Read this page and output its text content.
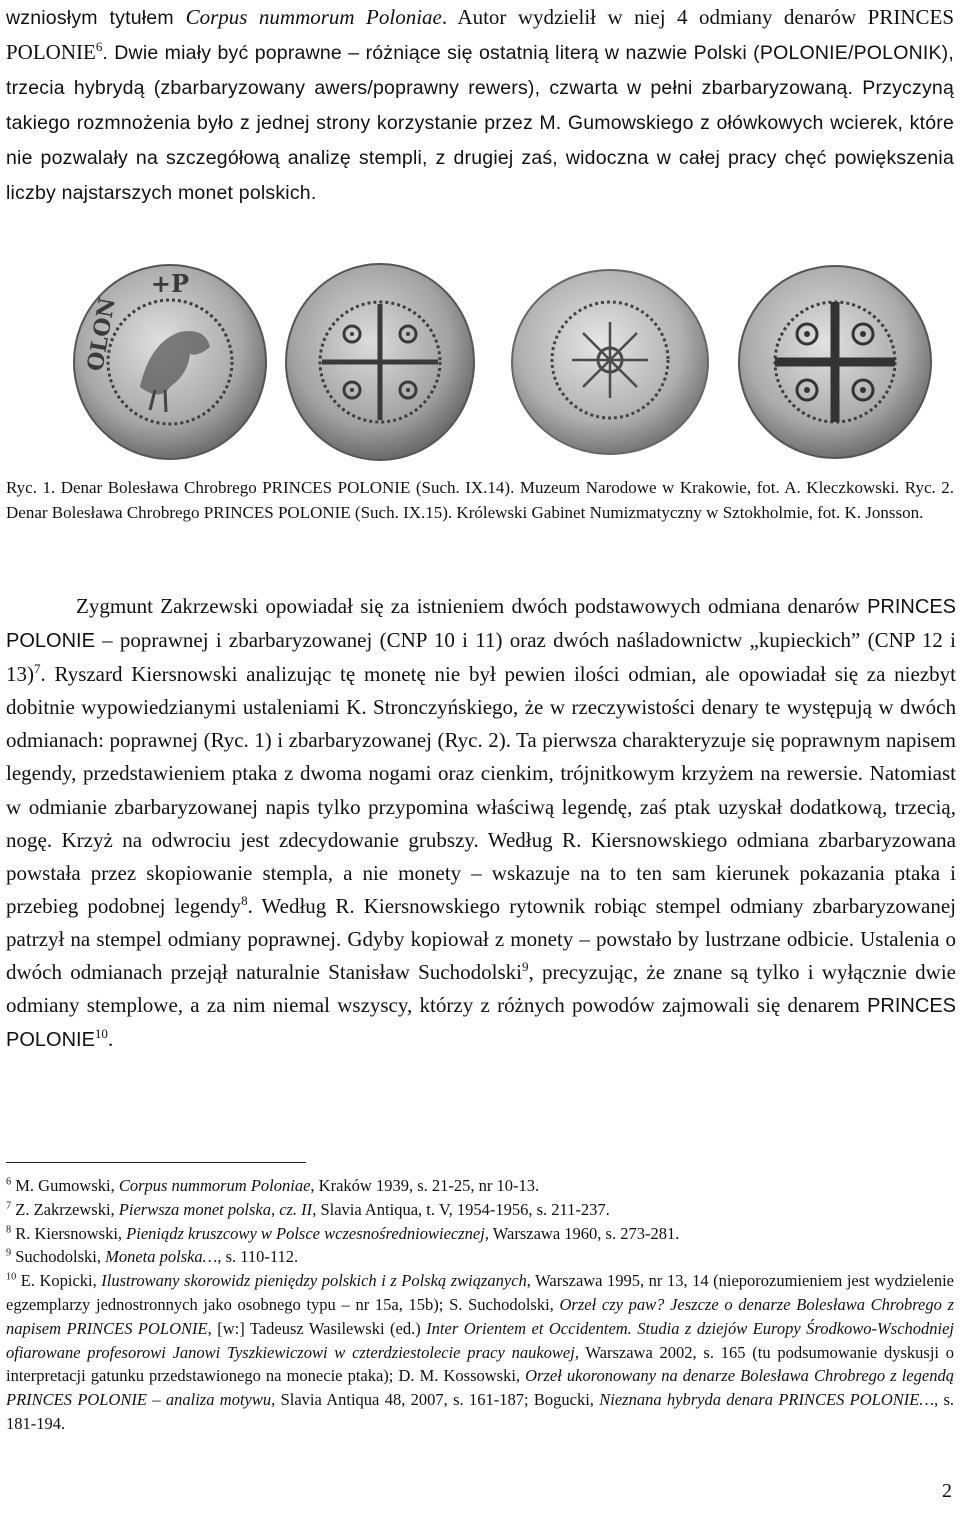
wzniosłym tytułem Corpus nummorum Poloniae. Autor wydzielił w niej 4 odmiany denarów PRINCES POLONIE$^6$. Dwie miały być poprawne – różniące się ostatnią literą w nazwie Polski (POLONIE/POLONIK), trzecia hybrydą (zbarbaryzowany awers/poprawny rewers), czwarta w pełni zbarbaryzowaną. Przyczyną takiego rozmnożenia było z jednej strony korzystanie przez M. Gumowskiego z ołówkowych wcierek, które nie pozwalały na szczegółową analizę stempli, z drugiej zaś, widoczna w całej pracy chęć powiększenia liczby najstarszych monet polskich.

+P
OLON

Ryc. 1. Denar Bolesława Chrobrego PRINCES POLONIE (Such. IX.14). Muzeum Narodowe w Krakowie, fot. A. Kleczkowski. Ryc. 2. Denar Bolesława Chrobrego PRINCES POLONIE (Such. IX.15). Królewski Gabinet Numizmatyczny w Sztokholmie, fot. K. Jonsson.

Zygmunt Zakrzewski opowiadał się za istnieniem dwóch podstawowych odmiana denarów PRINCES POLONIE – poprawnej i zbarbaryzowanej (CNP 10 i 11) oraz dwóch naśladownictw „kupieckich” (CNP 12 i 13)$^7$. Ryszard Kiersnowski analizując tę monetę nie był pewien ilości odmian, ale opowiadał się za niezbyt dobitnie wypowiedzianymi ustaleniami K. Stronczyńskiego, że w rzeczywistości denary te występują w dwóch odmianach: poprawnej (Ryc. 1) i zbarbaryzowanej (Ryc. 2). Ta pierwsza charakteryzuje się poprawnym napisem legendy, przedstawieniem ptaka z dwoma nogami oraz cienkim, trójnitkowym krzyżem na rewersie. Natomiast w odmianie zbarbaryzowanej napis tylko przypomina właściwą legendę, zaś ptak uzyskał dodatkową, trzecią, nogę. Krzyż na odwrociu jest zdecydowanie grubszy. Według R. Kiersnowskiego odmiana zbarbaryzowana powstała przez skopiowanie stempla, a nie monety – wskazuje na to ten sam kierunek pokazania ptaka i przebieg podobnej legendy$^8$. Według R. Kiersnowskiego rytownik robiąc stempel odmiany zbarbaryzowanej patrzył na stempel odmiany poprawnej. Gdyby kopiował z monety – powstało by lustrzane odbicie. Ustalenia o dwóch odmianach przejął naturalnie Stanisław Suchodolski$^9$, precyzując, że znane są tylko i wyłącznie dwie odmiany stemplowe, a za nim niemal wszyscy, którzy z różnych powodów zajmowali się denarem PRINCES POLONIE$^{10}$.

$^6$ M. Gumowski, Corpus nummorum Poloniae, Kraków 1939, s. 21-25, nr 10-13.

$^7$ Z. Zakrzewski, Pierwsza monet polska, cz. II, Slavia Antiqua, t. V, 1954-1956, s. 211-237.

$^8$ R. Kiersnowski, Pieniądz kruszcowy w Polsce wczesnośredniowiecznej, Warszawa 1960, s. 273-281.

$^9$ Suchodolski, Moneta polska…, s. 110-112.

$^{10}$ E. Kopicki, Ilustrowany skorowidz pieniędzy polskich i z Polską związanych, Warszawa 1995, nr 13, 14 (nieporozumieniem jest wydzielenie egzemplarzy jednostronnych jako osobnego typu – nr 15a, 15b); S. Suchodolski, Orzeł czy paw? Jeszcze o denarze Bolesława Chrobrego z napisem PRINCES POLONIE, [w:] Tadeusz Wasilewski (ed.) Inter Orientem et Occidentem. Studia z dziejów Europy Środkowo-Wschodniej ofiarowane profesorowi Janowi Tyszkiewiczowi w czterdziestolecie pracy naukowej, Warszawa 2002, s. 165 (tu podsumowanie dyskusji o interpretacji gatunku przedstawionego na monecie ptaka); D. M. Kossowski, Orzeł ukoronowany na denarze Bolesława Chrobrego z legendą PRINCES POLONIE – analiza motywu, Slavia Antiqua 48, 2007, s. 161-187; Bogucki, Nieznana hybryda denara PRINCES POLONIE…, s. 181-194.

2
